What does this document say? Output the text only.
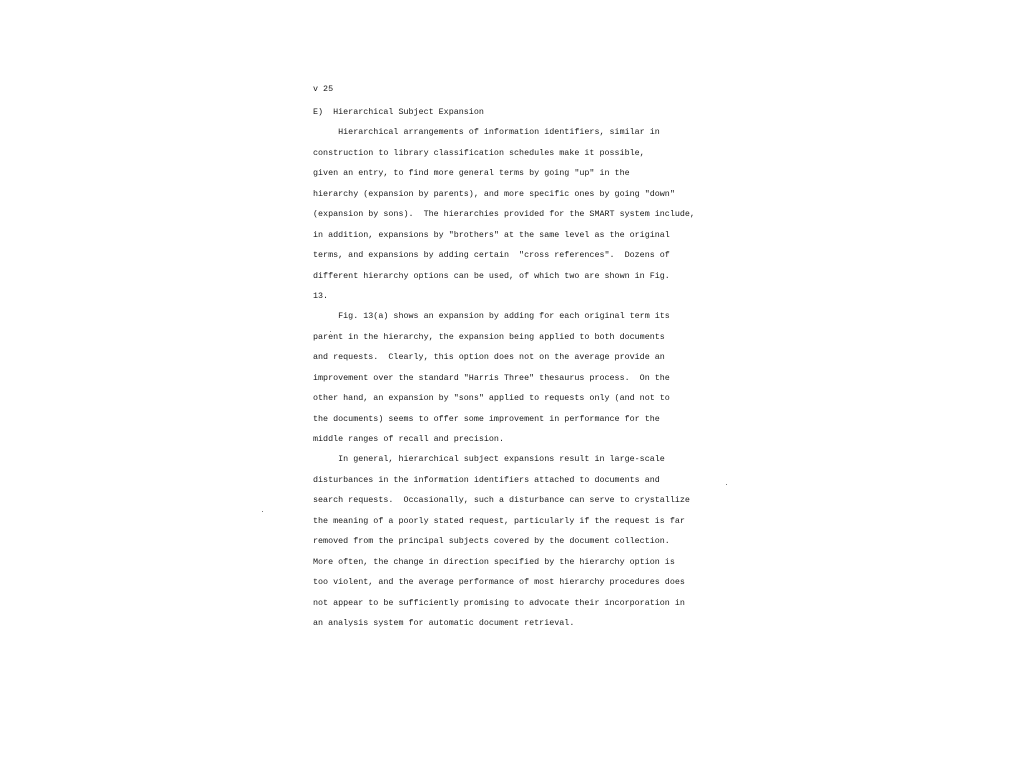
v 25
E)  Hierarchical Subject Expansion
Hierarchical arrangements of information identifiers, similar in
construction to library classification schedules make it possible,
given an entry, to find more general terms by going "up" in the
hierarchy (expansion by parents), and more specific ones by going "down"
(expansion by sons).  The hierarchies provided for the SMART system include,
in addition, expansions by "brothers" at the same level as the original
terms, and expansions by adding certain  "cross references".  Dozens of
different hierarchy options can be used, of which two are shown in Fig.
13.
Fig. 13(a) shows an expansion by adding for each original term its
parent in the hierarchy, the expansion being applied to both documents
and requests.  Clearly, this option does not on the average provide an
improvement over the standard "Harris Three" thesaurus process.  On the
other hand, an expansion by "sons" applied to requests only (and not to
the documents) seems to offer some improvement in performance for the
middle ranges of recall and precision.
In general, hierarchical subject expansions result in large-scale
disturbances in the information identifiers attached to documents and
search requests.  Occasionally, such a disturbance can serve to crystallize
the meaning of a poorly stated request, particularly if the request is far
removed from the principal subjects covered by the document collection.
More often, the change in direction specified by the hierarchy option is
too violent, and the average performance of most hierarchy procedures does
not appear to be sufficiently promising to advocate their incorporation in
an analysis system for automatic document retrieval.
